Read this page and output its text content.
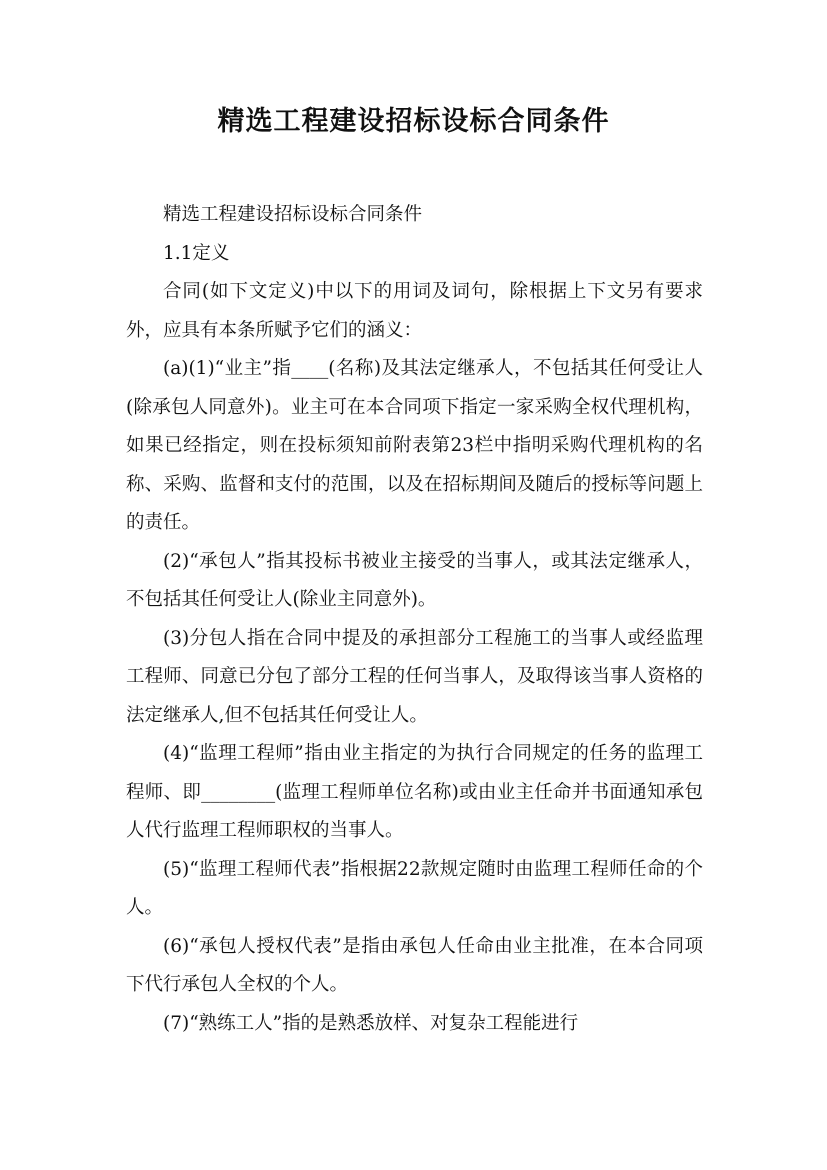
精选工程建设招标设标合同条件

精选工程建设招标设标合同条件

1.1定义

合同(如下文定义)中以下的用词及词句，除根据上下文另有要求外，应具有本条所赋予它们的涵义：

(a)(1)“业主”指____(名称)及其法定继承人，不包括其任何受让人(除承包人同意外)。业主可在本合同项下指定一家采购全权代理机构，如果已经指定，则在投标须知前附表第23栏中指明采购代理机构的名称、采购、监督和支付的范围，以及在招标期间及随后的授标等问题上的责任。

(2)“承包人”指其投标书被业主接受的当事人，或其法定继承人，不包括其任何受让人(除业主同意外)。

(3)分包人指在合同中提及的承担部分工程施工的当事人或经监理工程师、同意已分包了部分工程的任何当事人，及取得该当事人资格的法定继承人,但不包括其任何受让人。

(4)“监理工程师”指由业主指定的为执行合同规定的任务的监理工程师、即________(监理工程师单位名称)或由业主任命并书面通知承包人代行监理工程师职权的当事人。

(5)“监理工程师代表”指根据22款规定随时由监理工程师任命的个人。

(6)“承包人授权代表”是指由承包人任命由业主批准，在本合同项下代行承包人全权的个人。

(7)“熟练工人”指的是熟悉放样、对复杂工程能进行
